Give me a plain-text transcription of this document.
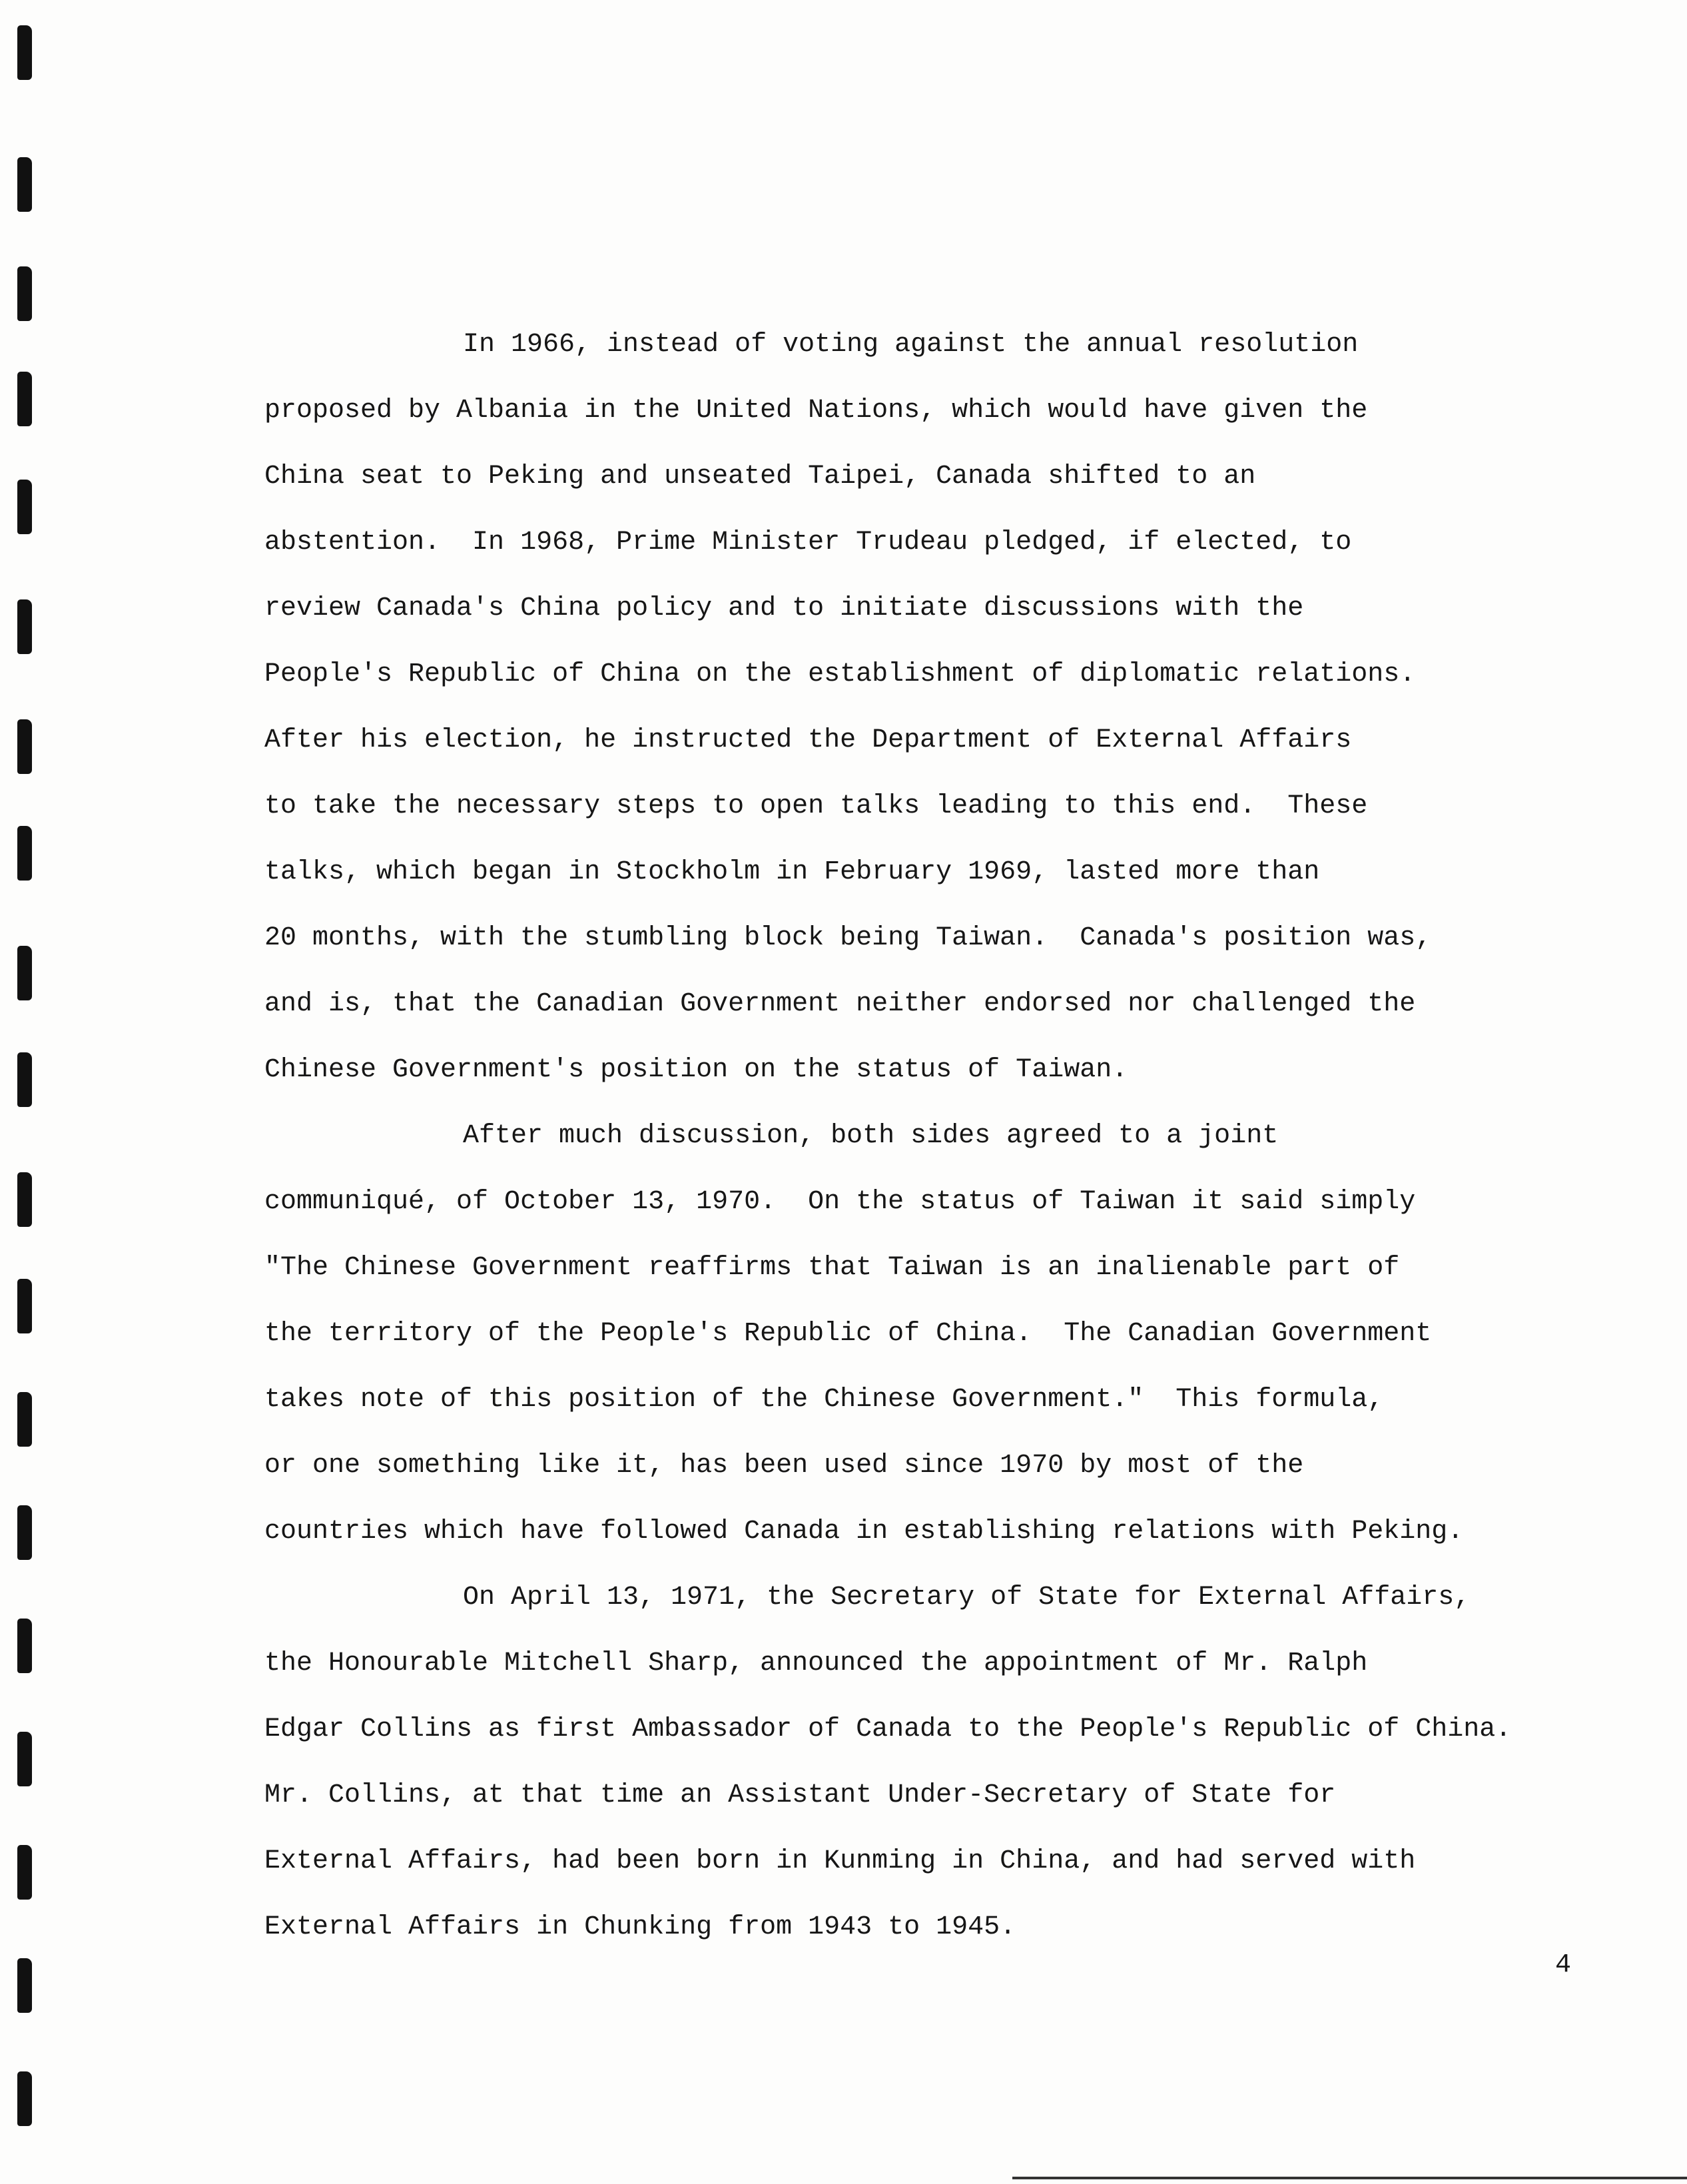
In 1966, instead of voting against the annual resolution
proposed by Albania in the United Nations, which would have given the
China seat to Peking and unseated Taipei, Canada shifted to an
abstention.  In 1968, Prime Minister Trudeau pledged, if elected, to
review Canada's China policy and to initiate discussions with the
People's Republic of China on the establishment of diplomatic relations.
After his election, he instructed the Department of External Affairs
to take the necessary steps to open talks leading to this end.  These
talks, which began in Stockholm in February 1969, lasted more than
20 months, with the stumbling block being Taiwan.  Canada's position was,
and is, that the Canadian Government neither endorsed nor challenged the
Chinese Government's position on the status of Taiwan.
After much discussion, both sides agreed to a joint
communiqué, of October 13, 1970.  On the status of Taiwan it said simply
"The Chinese Government reaffirms that Taiwan is an inalienable part of
the territory of the People's Republic of China.  The Canadian Government
takes note of this position of the Chinese Government."  This formula,
or one something like it, has been used since 1970 by most of the
countries which have followed Canada in establishing relations with Peking.
On April 13, 1971, the Secretary of State for External Affairs,
the Honourable Mitchell Sharp, announced the appointment of Mr. Ralph
Edgar Collins as first Ambassador of Canada to the People's Republic of China.
Mr. Collins, at that time an Assistant Under-Secretary of State for
External Affairs, had been born in Kunming in China, and had served with
External Affairs in Chunking from 1943 to 1945.
4
